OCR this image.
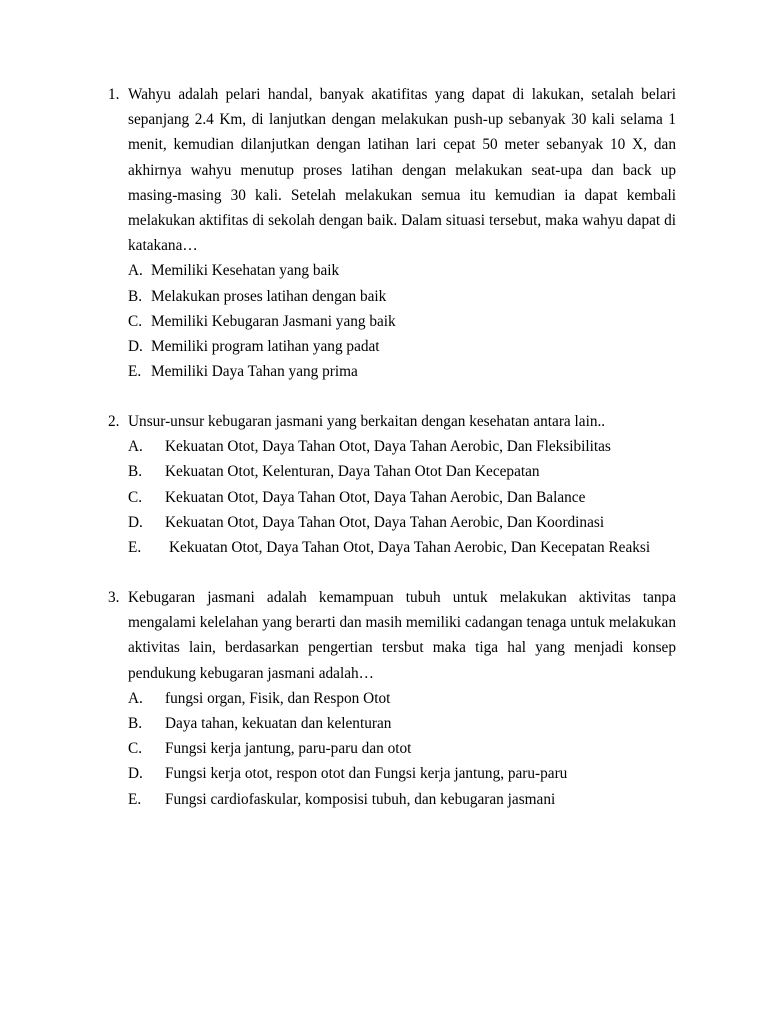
1. Wahyu adalah pelari handal, banyak akatifitas yang dapat di lakukan, setalah belari sepanjang 2.4 Km, di lanjutkan dengan melakukan push-up sebanyak 30 kali selama 1 menit, kemudian dilanjutkan dengan latihan lari cepat 50 meter sebanyak 10 X, dan akhirnya wahyu menutup proses latihan dengan melakukan seat-upa dan back up masing-masing 30 kali. Setelah melakukan semua itu kemudian ia dapat kembali melakukan aktifitas di sekolah dengan baik. Dalam situasi tersebut, maka wahyu dapat di katakana…
A. Memiliki Kesehatan yang baik
B. Melakukan proses latihan dengan baik
C. Memiliki Kebugaran Jasmani yang baik
D. Memiliki program latihan yang padat
E. Memiliki Daya Tahan yang prima
2. Unsur-unsur kebugaran jasmani yang berkaitan dengan kesehatan antara lain..
A. Kekuatan Otot, Daya Tahan Otot, Daya Tahan Aerobic, Dan Fleksibilitas
B. Kekuatan Otot, Kelenturan, Daya Tahan Otot Dan Kecepatan
C. Kekuatan Otot, Daya Tahan Otot, Daya Tahan Aerobic, Dan Balance
D. Kekuatan Otot, Daya Tahan Otot, Daya Tahan Aerobic, Dan Koordinasi
E. Kekuatan Otot, Daya Tahan Otot, Daya Tahan Aerobic, Dan Kecepatan Reaksi
3. Kebugaran jasmani adalah kemampuan tubuh untuk melakukan aktivitas tanpa mengalami kelelahan yang berarti dan masih memiliki cadangan tenaga untuk melakukan aktivitas lain, berdasarkan pengertian tersbut maka tiga hal yang menjadi konsep pendukung kebugaran jasmani adalah…
A. fungsi organ, Fisik, dan Respon Otot
B. Daya tahan, kekuatan dan kelenturan
C. Fungsi kerja jantung, paru-paru dan otot
D. Fungsi kerja otot, respon otot dan Fungsi kerja jantung, paru-paru
E. Fungsi cardiofaskular, komposisi tubuh, dan kebugaran jasmani
